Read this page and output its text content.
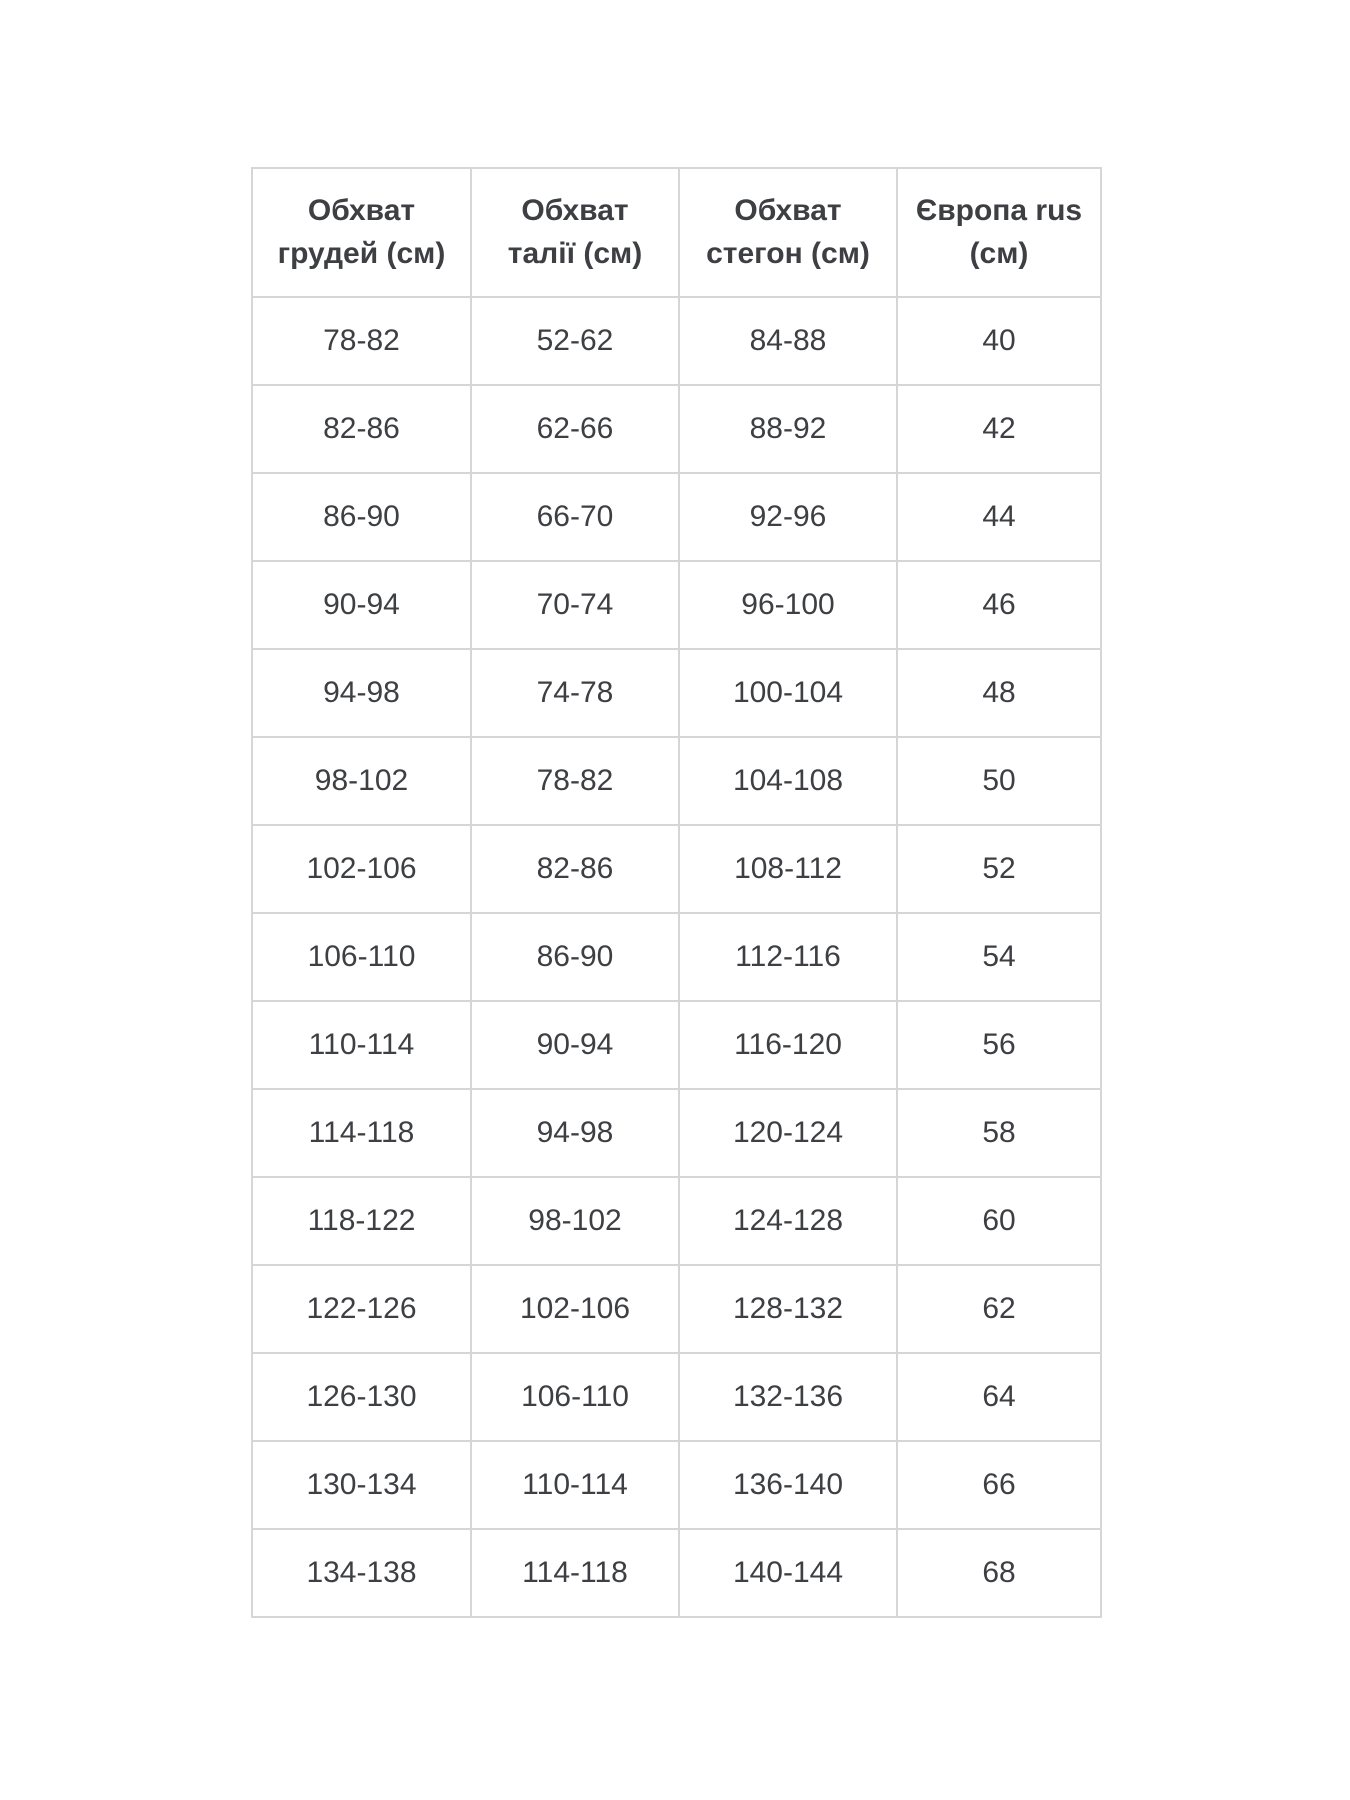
Обхват грудей (см)	Обхват талії (см)	Обхват стегон (см)	Європа rus (см)
78-82	52-62	84-88	40
82-86	62-66	88-92	42
86-90	66-70	92-96	44
90-94	70-74	96-100	46
94-98	74-78	100-104	48
98-102	78-82	104-108	50
102-106	82-86	108-112	52
106-110	86-90	112-116	54
110-114	90-94	116-120	56
114-118	94-98	120-124	58
118-122	98-102	124-128	60
122-126	102-106	128-132	62
126-130	106-110	132-136	64
130-134	110-114	136-140	66
134-138	114-118	140-144	68
